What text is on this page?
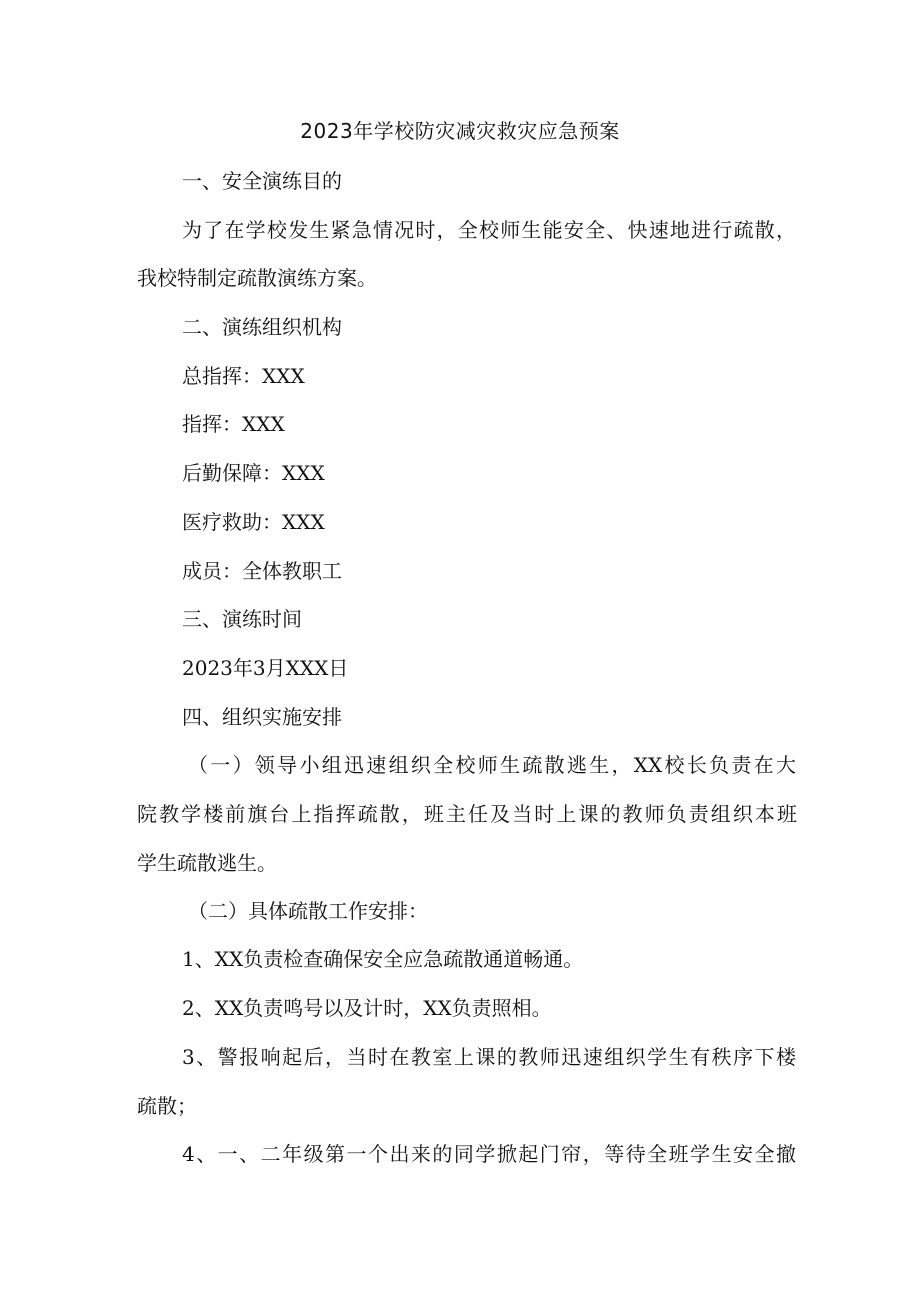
2023年学校防灾减灾救灾应急预案
一、安全演练目的
为了在学校发生紧急情况时，全校师生能安全、快速地进行疏散，
我校特制定疏散演练方案。
二、演练组织机构
总指挥：XXX
指挥：XXX
后勤保障：XXX
医疗救助：XXX
成员：全体教职工
三、演练时间
2023年3月XXX日
四、组织实施安排
（一）领导小组迅速组织全校师生疏散逃生，XX校长负责在大
院教学楼前旗台上指挥疏散，班主任及当时上课的教师负责组织本班
学生疏散逃生。
（二）具体疏散工作安排：
1、XX负责检查确保安全应急疏散通道畅通。
2、XX负责鸣号以及计时，XX负责照相。
3、警报响起后，当时在教室上课的教师迅速组织学生有秩序下楼
疏散；
4、一、二年级第一个出来的同学掀起门帘，等待全班学生安全撤
